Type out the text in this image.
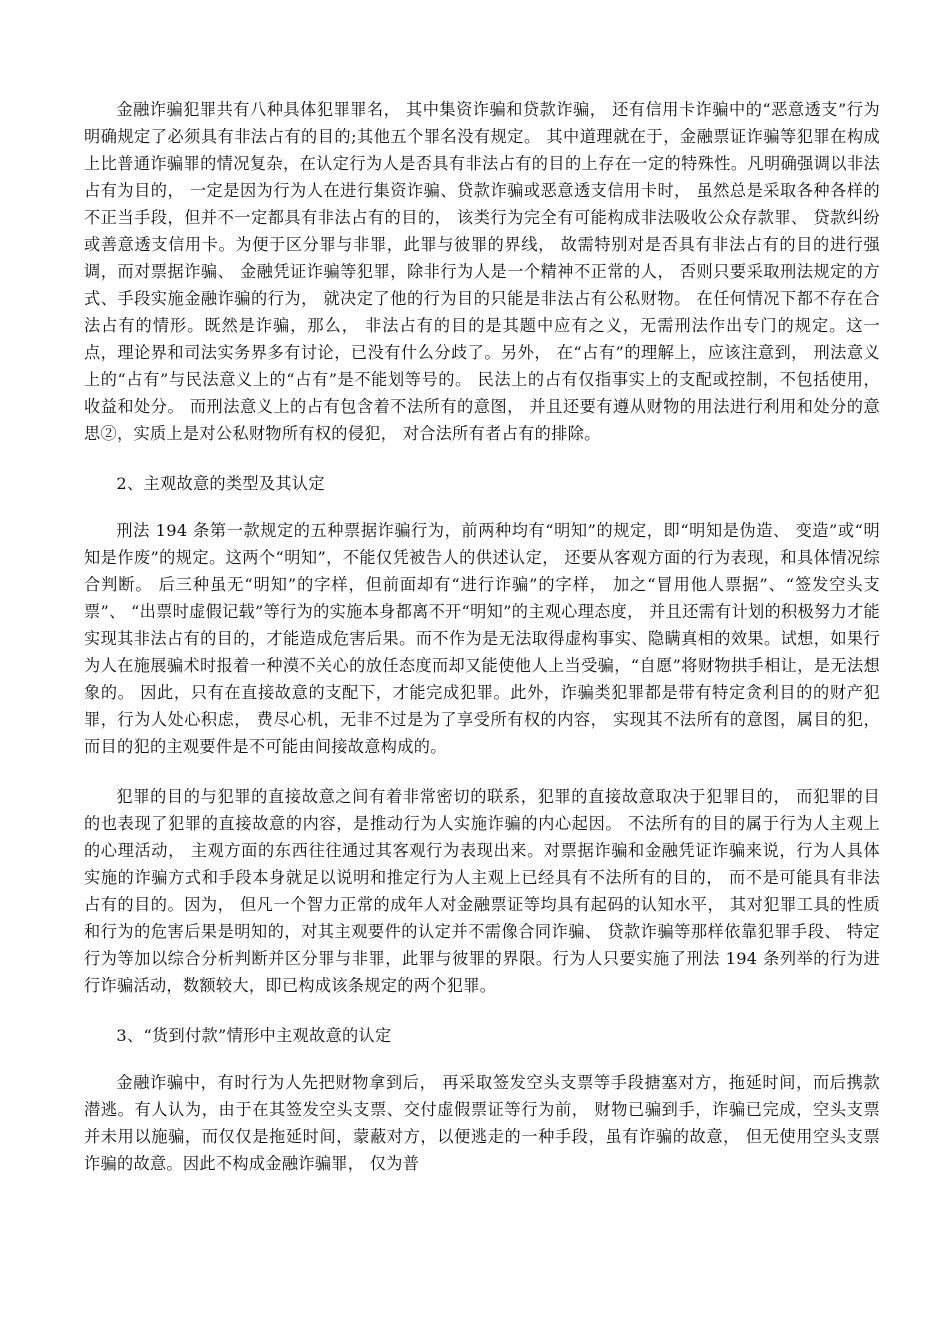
金融诈骗犯罪共有八种具体犯罪罪名， 其中集资诈骗和贷款诈骗， 还有信用卡诈骗中的“恶意透支”行为明确规定了必须具有非法占有的目的;其他五个罪名没有规定。 其中道理就在于，金融票证诈骗等犯罪在构成上比普通诈骗罪的情况复杂，在认定行为人是否具有非法占有的目的上存在一定的特殊性。凡明确强调以非法占有为目的， 一定是因为行为人在进行集资诈骗、贷款诈骗或恶意透支信用卡时， 虽然总是采取各种各样的不正当手段，但并不一定都具有非法占有的目的， 该类行为完全有可能构成非法吸收公众存款罪、 贷款纠纷或善意透支信用卡。为便于区分罪与非罪，此罪与彼罪的界线， 故需特别对是否具有非法占有的目的进行强调，而对票据诈骗、 金融凭证诈骗等犯罪，除非行为人是一个精神不正常的人， 否则只要采取刑法规定的方式、手段实施金融诈骗的行为， 就决定了他的行为目的只能是非法占有公私财物。 在任何情况下都不存在合法占有的情形。既然是诈骗，那么， 非法占有的目的是其题中应有之义，无需刑法作出专门的规定。这一点，理论界和司法实务界多有讨论，已没有什么分歧了。另外， 在“占有”的理解上，应该注意到， 刑法意义上的“占有”与民法意义上的“占有”是不能划等号的。 民法上的占有仅指事实上的支配或控制，不包括使用，收益和处分。 而刑法意义上的占有包含着不法所有的意图， 并且还要有遵从财物的用法进行利用和处分的意思②，实质上是对公私财物所有权的侵犯， 对合法所有者占有的排除。

2、主观故意的类型及其认定

刑法 194 条第一款规定的五种票据诈骗行为，前两种均有“明知”的规定，即“明知是伪造、 变造”或“明知是作废”的规定。这两个“明知”，不能仅凭被告人的供述认定， 还要从客观方面的行为表现，和具体情况综合判断。 后三种虽无“明知”的字样，但前面却有“进行诈骗”的字样， 加之“冒用他人票据”、“签发空头支票”、 “出票时虚假记载”等行为的实施本身都离不开“明知”的主观心理态度， 并且还需有计划的积极努力才能实现其非法占有的目的，才能造成危害后果。而不作为是无法取得虚构事实、隐瞒真相的效果。试想，如果行为人在施展骗术时报着一种漠不关心的放任态度而却又能使他人上当受骗，“自愿”将财物拱手相让，是无法想象的。 因此，只有在直接故意的支配下，才能完成犯罪。此外，诈骗类犯罪都是带有特定贪利目的的财产犯罪，行为人处心积虑， 费尽心机，无非不过是为了享受所有权的内容， 实现其不法所有的意图，属目的犯， 而目的犯的主观要件是不可能由间接故意构成的。

犯罪的目的与犯罪的直接故意之间有着非常密切的联系，犯罪的直接故意取决于犯罪目的， 而犯罪的目的也表现了犯罪的直接故意的内容，是推动行为人实施诈骗的内心起因。 不法所有的目的属于行为人主观上的心理活动， 主观方面的东西往往通过其客观行为表现出来。对票据诈骗和金融凭证诈骗来说，行为人具体实施的诈骗方式和手段本身就足以说明和推定行为人主观上已经具有不法所有的目的， 而不是可能具有非法占有的目的。因为， 但凡一个智力正常的成年人对金融票证等均具有起码的认知水平， 其对犯罪工具的性质和行为的危害后果是明知的，对其主观要件的认定并不需像合同诈骗、 贷款诈骗等那样依靠犯罪手段、 特定行为等加以综合分析判断并区分罪与非罪，此罪与彼罪的界限。行为人只要实施了刑法 194 条列举的行为进行诈骗活动，数额较大，即已构成该条规定的两个犯罪。

3、“货到付款”情形中主观故意的认定

金融诈骗中，有时行为人先把财物拿到后， 再采取签发空头支票等手段搪塞对方，拖延时间，而后携款潜逃。有人认为，由于在其签发空头支票、交付虚假票证等行为前， 财物已骗到手，诈骗已完成，空头支票并未用以施骗，而仅仅是拖延时间，蒙蔽对方，以便逃走的一种手段，虽有诈骗的故意， 但无使用空头支票诈骗的故意。因此不构成金融诈骗罪， 仅为普
